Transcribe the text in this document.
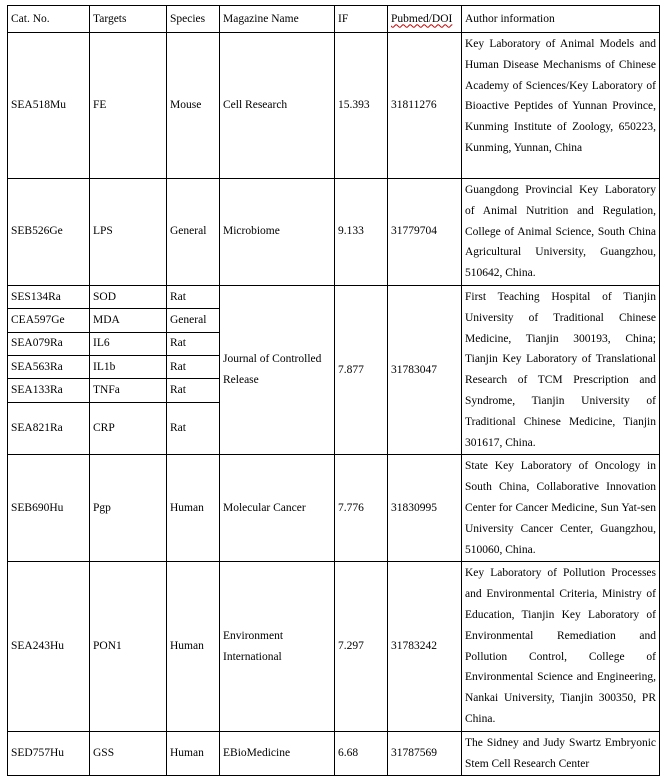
Cat. No.	Targets	Species	Magazine Name	IF	Pubmed/DOI	Author information
SEA518Mu	FE	Mouse	Cell Research	15.393	31811276	Key Laboratory of Animal Models and Human Disease Mechanisms of Chinese Academy of Sciences/Key Laboratory of Bioactive Peptides of Yunnan Province, Kunming Institute of Zoology, 650223, Kunming, Yunnan, China
SEB526Ge	LPS	General	Microbiome	9.133	31779704	Guangdong Provincial Key Laboratory of Animal Nutrition and Regulation, College of Animal Science, South China Agricultural University, Guangzhou, 510642, China.
SES134Ra	SOD	Rat	Journal of Controlled Release	7.877	31783047	First Teaching Hospital of Tianjin University of Traditional Chinese Medicine, Tianjin 300193, China; Tianjin Key Laboratory of Translational Research of TCM Prescription and Syndrome, Tianjin University of Traditional Chinese Medicine, Tianjin 301617, China.
CEA597Ge	MDA	General				
SEA079Ra	IL6	Rat				
SEA563Ra	IL1b	Rat				
SEA133Ra	TNFa	Rat				
SEA821Ra	CRP	Rat				
SEB690Hu	Pgp	Human	Molecular Cancer	7.776	31830995	State Key Laboratory of Oncology in South China, Collaborative Innovation Center for Cancer Medicine, Sun Yat-sen University Cancer Center, Guangzhou, 510060, China.
SEA243Hu	PON1	Human	Environment International	7.297	31783242	Key Laboratory of Pollution Processes and Environmental Criteria, Ministry of Education, Tianjin Key Laboratory of Environmental Remediation and Pollution Control, College of Environmental Science and Engineering, Nankai University, Tianjin 300350, PR China.
SED757Hu	GSS	Human	EBioMedicine	6.68	31787569	The Sidney and Judy Swartz Embryonic Stem Cell Research Center
